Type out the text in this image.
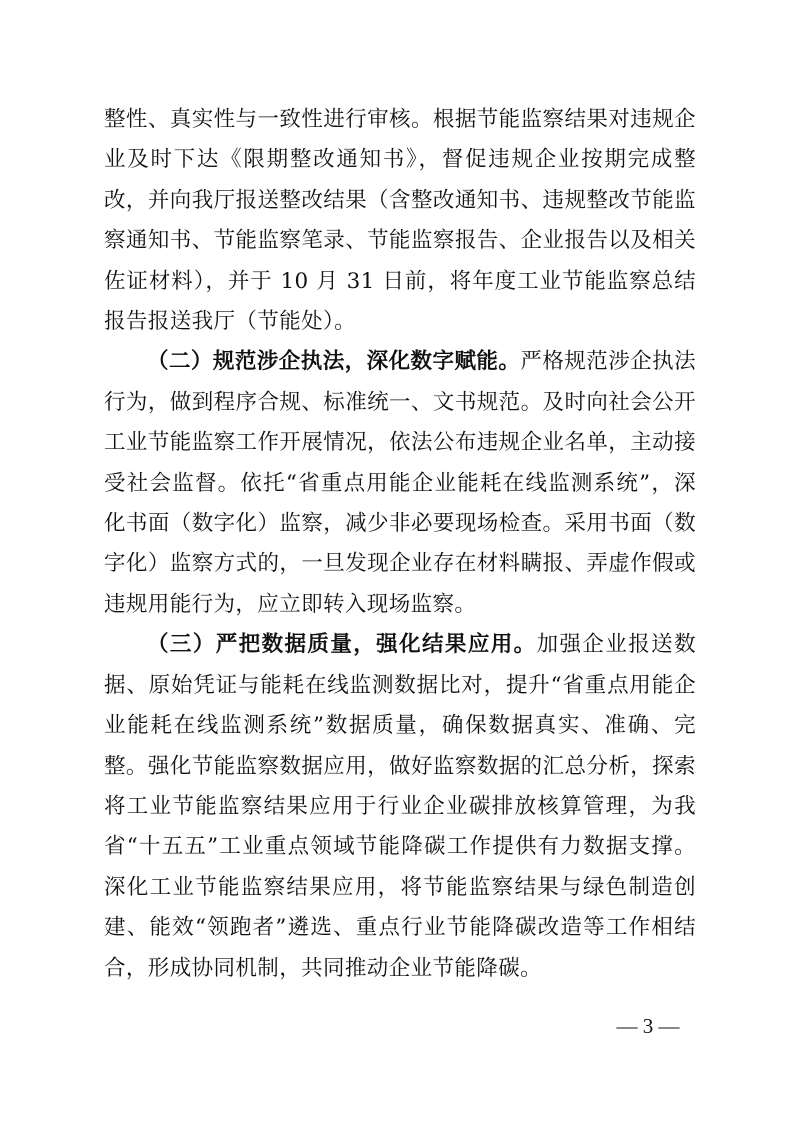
整性、真实性与一致性进行审核。根据节能监察结果对违规企业及时下达《限期整改通知书》，督促违规企业按期完成整改，并向我厅报送整改结果（含整改通知书、违规整改节能监察通知书、节能监察笔录、节能监察报告、企业报告以及相关佐证材料），并于 10 月 31 日前，将年度工业节能监察总结报告报送我厅（节能处）。

（二）规范涉企执法，深化数字赋能。严格规范涉企执法行为，做到程序合规、标准统一、文书规范。及时向社会公开工业节能监察工作开展情况，依法公布违规企业名单，主动接受社会监督。依托“省重点用能企业能耗在线监测系统”，深化书面（数字化）监察，减少非必要现场检查。采用书面（数字化）监察方式的，一旦发现企业存在材料瞒报、弄虚作假或违规用能行为，应立即转入现场监察。

（三）严把数据质量，强化结果应用。加强企业报送数据、原始凭证与能耗在线监测数据比对，提升“省重点用能企业能耗在线监测系统”数据质量，确保数据真实、准确、完整。强化节能监察数据应用，做好监察数据的汇总分析，探索将工业节能监察结果应用于行业企业碳排放核算管理，为我省“十五五”工业重点领域节能降碳工作提供有力数据支撑。深化工业节能监察结果应用，将节能监察结果与绿色制造创建、能效“领跑者”遴选、重点行业节能降碳改造等工作相结合，形成协同机制，共同推动企业节能降碳。

— 3 —
